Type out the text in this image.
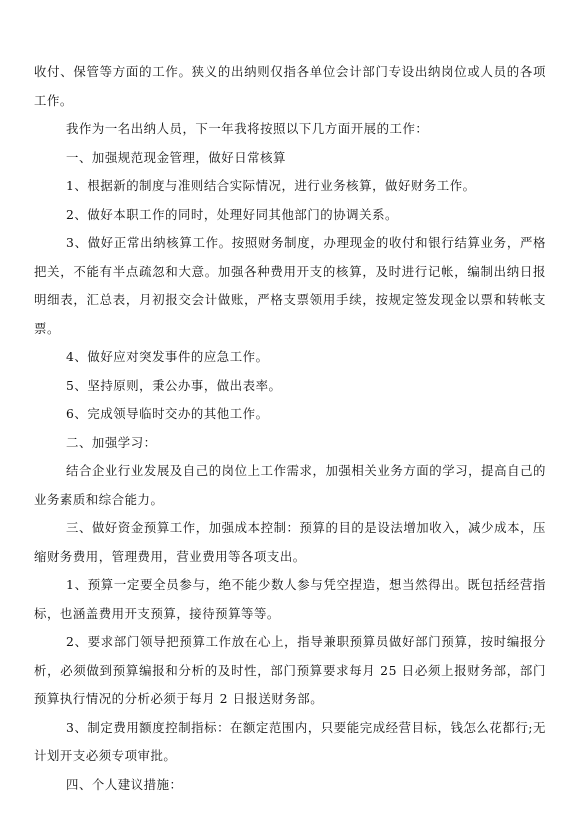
收付、保管等方面的工作。狭义的出纳则仅指各单位会计部门专设出纳岗位或人员的各项工作。

我作为一名出纳人员，下一年我将按照以下几方面开展的工作：

一、加强规范现金管理，做好日常核算

1、根据新的制度与准则结合实际情况，进行业务核算，做好财务工作。

2、做好本职工作的同时，处理好同其他部门的协调关系。

3、做好正常出纳核算工作。按照财务制度，办理现金的收付和银行结算业务，严格把关，不能有半点疏忽和大意。加强各种费用开支的核算，及时进行记帐，编制出纳日报明细表，汇总表，月初报交会计做账，严格支票领用手续，按规定签发现金以票和转帐支票。

4、做好应对突发事件的应急工作。

5、坚持原则，秉公办事，做出表率。

6、完成领导临时交办的其他工作。

二、加强学习：

结合企业行业发展及自己的岗位上工作需求，加强相关业务方面的学习，提高自己的业务素质和综合能力。

三、做好资金预算工作，加强成本控制：预算的目的是设法增加收入，减少成本，压缩财务费用，管理费用，营业费用等各项支出。

1、预算一定要全员参与，绝不能少数人参与凭空捏造，想当然得出。既包括经营指标，也涵盖费用开支预算，接待预算等等。

2、要求部门领导把预算工作放在心上，指导兼职预算员做好部门预算，按时编报分析，必须做到预算编报和分析的及时性，部门预算要求每月 25 日必须上报财务部，部门预算执行情况的分析必须于每月 2 日报送财务部。

3、制定费用额度控制指标：在额定范围内，只要能完成经营目标，钱怎么花都行;无计划开支必须专项审批。

四、个人建议措施：
